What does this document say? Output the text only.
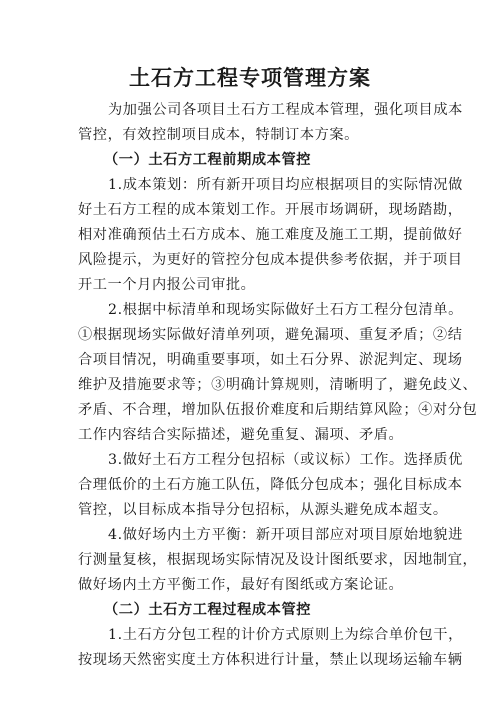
土石方工程专项管理方案
为加强公司各项目土石方工程成本管理，强化项目成本
管控，有效控制项目成本，特制订本方案。
（一）土石方工程前期成本管控
1.成本策划：所有新开项目均应根据项目的实际情况做
好土石方工程的成本策划工作。开展市场调研，现场踏勘，
相对准确预估土石方成本、施工难度及施工工期，提前做好
风险提示，为更好的管控分包成本提供参考依据，并于项目
开工一个月内报公司审批。
2.根据中标清单和现场实际做好土石方工程分包清单。
①根据现场实际做好清单列项，避免漏项、重复矛盾；②结
合项目情况，明确重要事项，如土石分界、淤泥判定、现场
维护及措施要求等；③明确计算规则，清晰明了，避免歧义、
矛盾、不合理，增加队伍报价难度和后期结算风险；④对分包
工作内容结合实际描述，避免重复、漏项、矛盾。
3.做好土石方工程分包招标（或议标）工作。选择质优
合理低价的土石方施工队伍，降低分包成本；强化目标成本
管控，以目标成本指导分包招标，从源头避免成本超支。
4.做好场内土方平衡：新开项目部应对项目原始地貌进
行测量复核，根据现场实际情况及设计图纸要求，因地制宜，
做好场内土方平衡工作，最好有图纸或方案论证。
（二）土石方工程过程成本管控
1.土石方分包工程的计价方式原则上为综合单价包干，
按现场天然密实度土方体积进行计量，禁止以现场运输车辆
